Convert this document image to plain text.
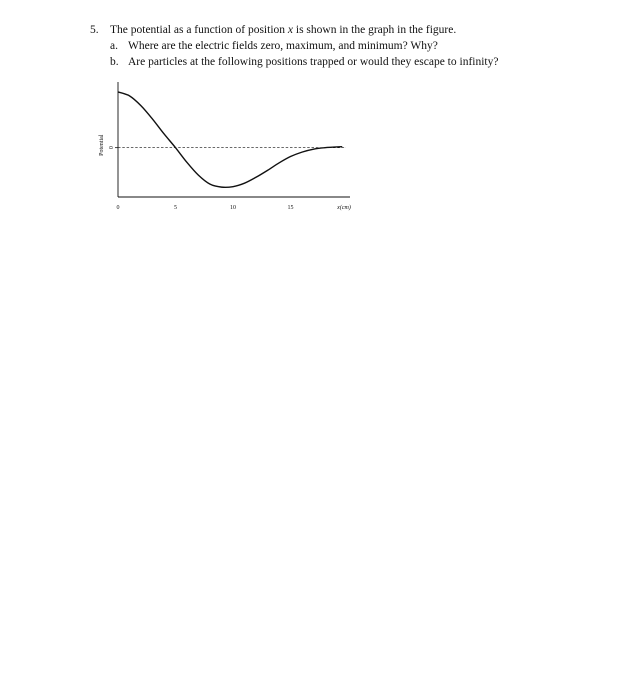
5. The potential as a function of position x is shown in the graph in the figure.
a. Where are the electric fields zero, maximum, and minimum? Why?
b. Are particles at the following positions trapped or would they escape to infinity?
0	5	10	15	x(cm)
0
Potential
